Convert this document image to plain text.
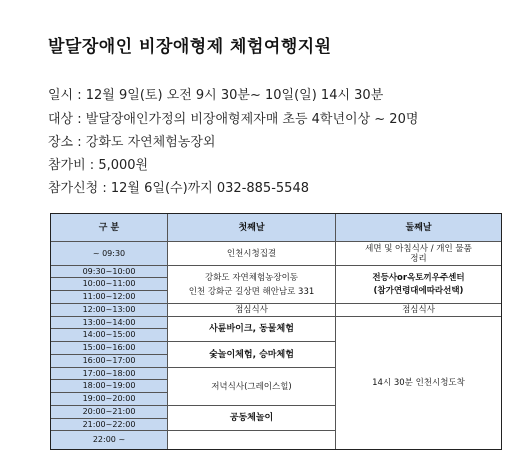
발달장애인 비장애형제 체험여행지원
일시 : 12월 9일(토) 오전 9시 30분~ 10일(일) 14시 30분
대상 : 발달장애인가정의 비장애형제자매 초등 4학년이상 ~ 20명
장소 : 강화도 자연체험농장외
참가비 : 5,000원
참가신청 : 12월 6일(수)까지 032-885-5548
구 분	첫째날	둘째날
~ 09:30
09:30~10:00
10:00~11:00
11:00~12:00
12:00~13:00
13:00~14:00
14:00~15:00
15:00~16:00
16:00~17:00
17:00~18:00
18:00~19:00
19:00~20:00
20:00~21:00
21:00~22:00
22:00 ~
인천시청집결
강화도 자연체험농장이동
인천 강화군 길상면 해안남로 331
점심식사
사륜바이크, 동물체험
숯놀이체험, 승마체험
저녁식사(그레이스힐)
공동체놀이
세면 및 아침식사 / 개인 물품
정리
전등사or옥토끼우주센터
(참가연령대에따라선택)
점심식사
14시 30분 인천시청도착
